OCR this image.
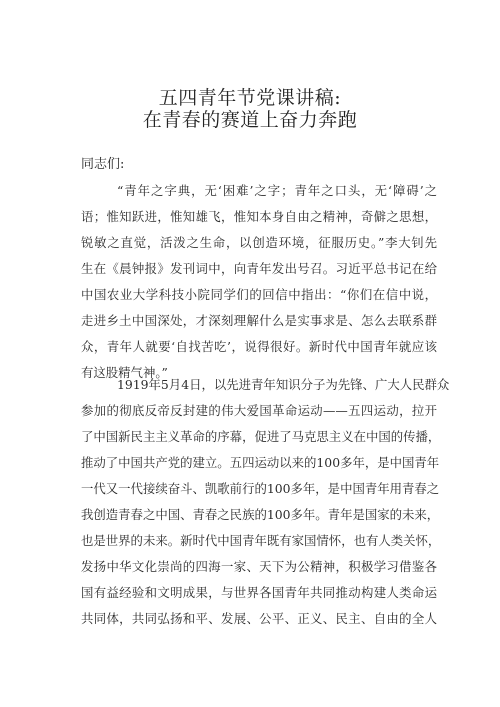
五四青年节党课讲稿:
在青春的赛道上奋力奔跑
同志们:
“青年之字典，无‘困难’之字；青年之口头，无‘障碍’之
语；惟知跃进，惟知雄飞，惟知本身自由之精神，奇僻之思想，
锐敏之直觉，活泼之生命，以创造环境，征服历史。”李大钊先
生在《晨钟报》发刊词中，向青年发出号召。习近平总书记在给
中国农业大学科技小院同学们的回信中指出：“你们在信中说，
走进乡土中国深处，才深刻理解什么是实事求是、怎么去联系群
众，青年人就要‘自找苦吃’，说得很好。新时代中国青年就应该
有这股精气神。”
1919年5月4日，以先进青年知识分子为先锋、广大人民群众
参加的彻底反帝反封建的伟大爱国革命运动——五四运动，拉开
了中国新民主主义革命的序幕，促进了马克思主义在中国的传播，
推动了中国共产党的建立。五四运动以来的100多年，是中国青年
一代又一代接续奋斗、凯歌前行的100多年，是中国青年用青春之
我创造青春之中国、青春之民族的100多年。青年是国家的未来，
也是世界的未来。新时代中国青年既有家国情怀，也有人类关怀，
发扬中华文化崇尚的四海一家、天下为公精神，积极学习借鉴各
国有益经验和文明成果，与世界各国青年共同推动构建人类命运
共同体，共同弘扬和平、发展、公平、正义、民主、自由的全人
